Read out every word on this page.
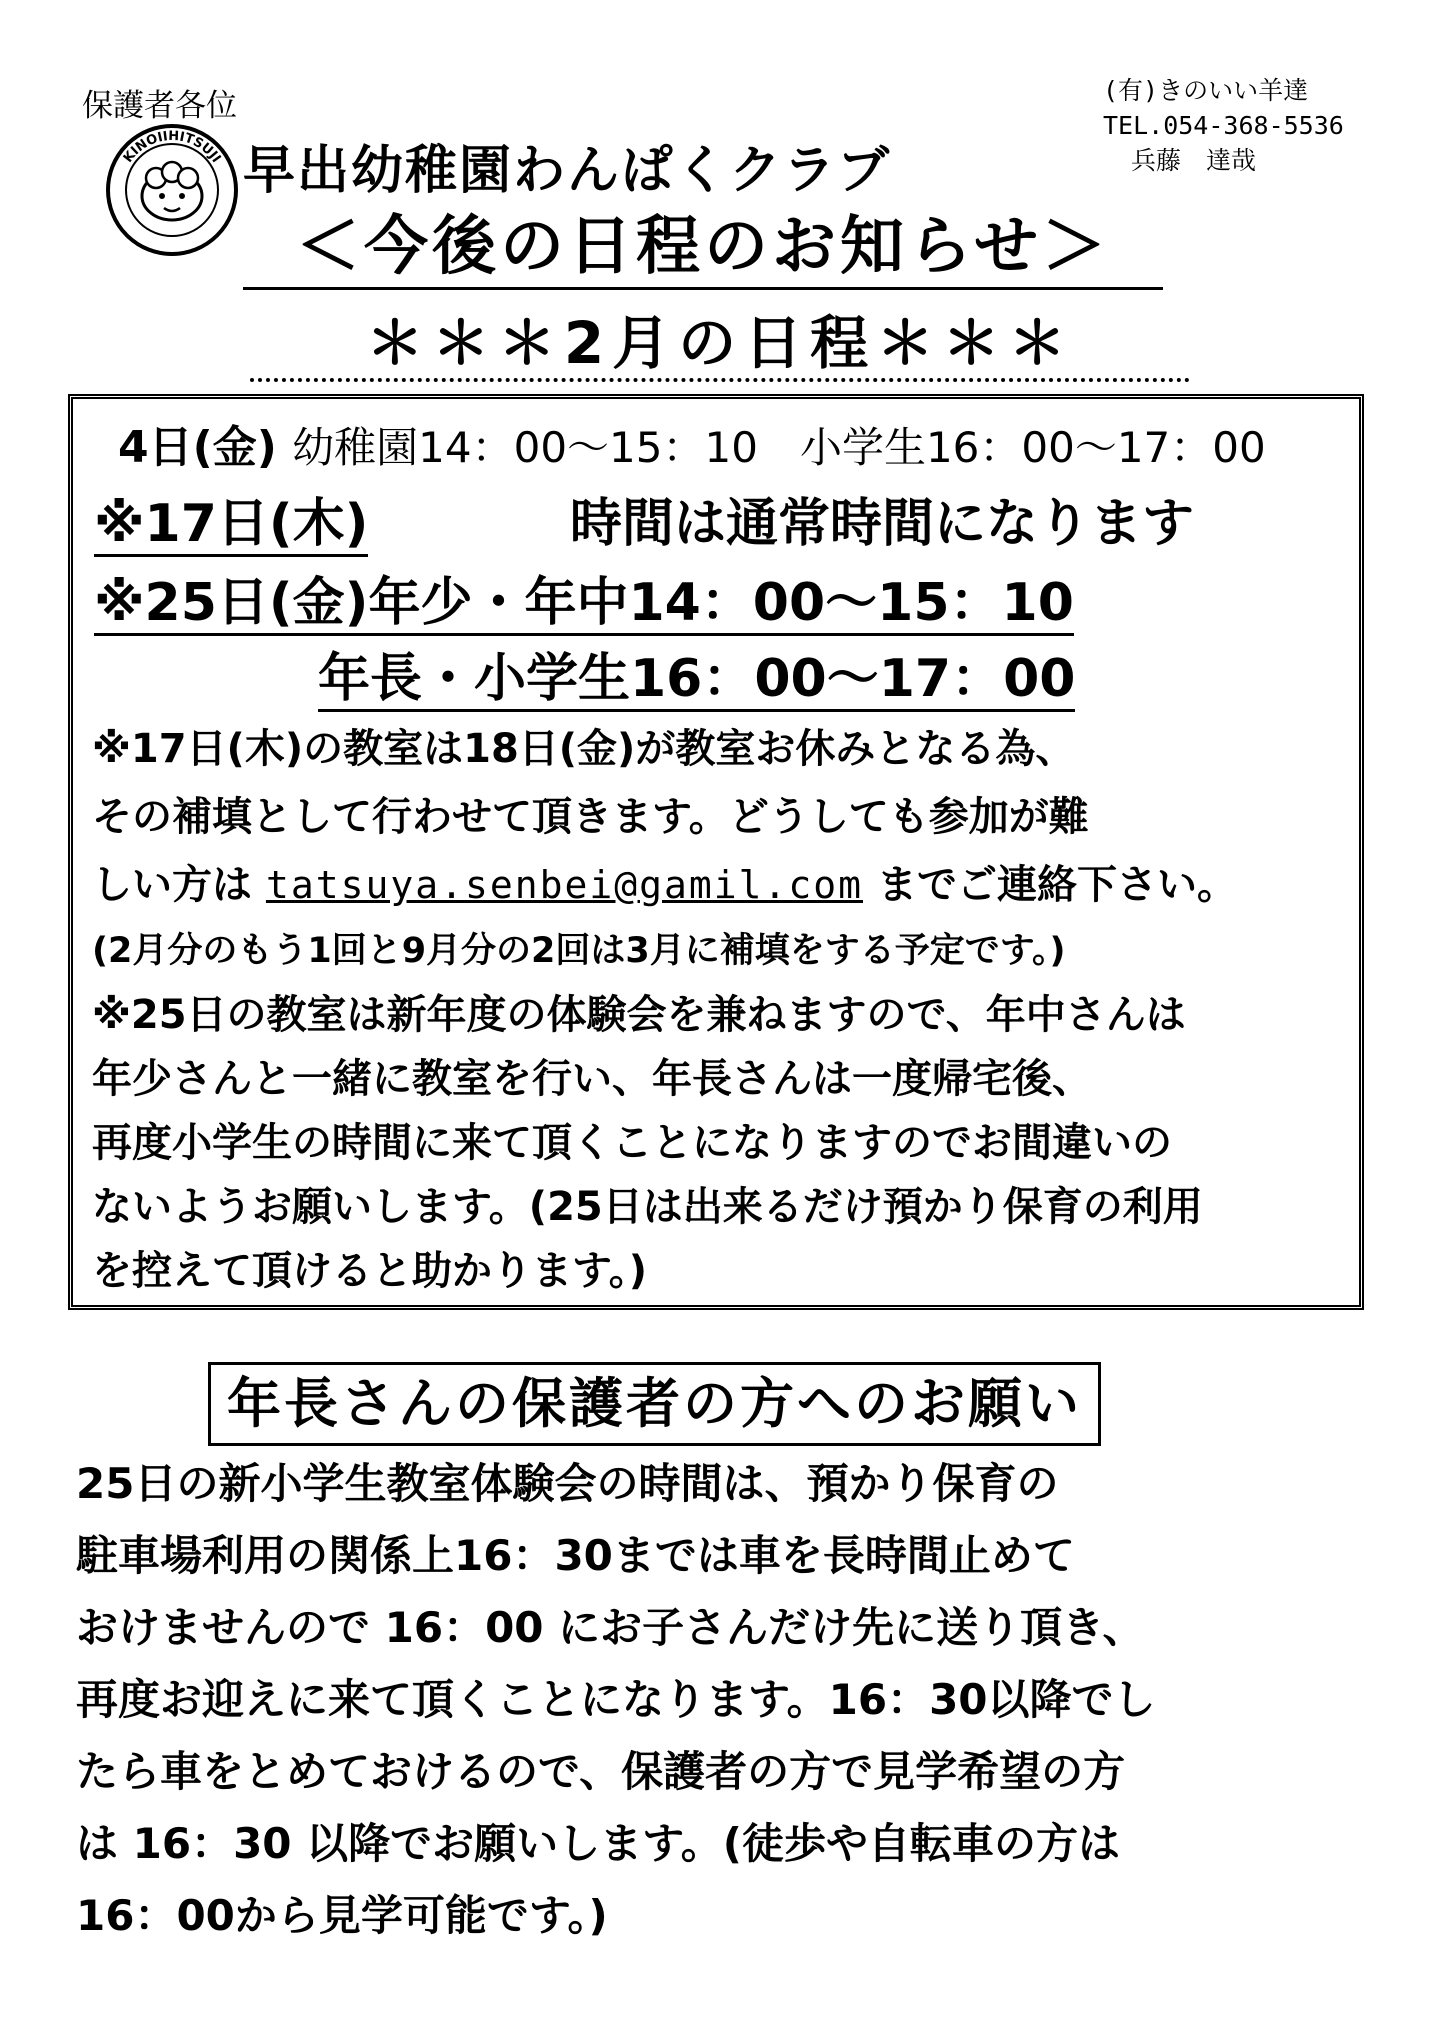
保護者各位	(有)きのいい羊達
TEL.054-368-5536
兵藤　達哉
KINOIIHITSUJI 早出幼稚園わんぱくクラブ
＜今後の日程のお知らせ＞
＊＊＊2月の日程＊＊＊
4日(金) 幼稚園14：00～15：10　小学生16：00～17：00
※17日(木)	時間は通常時間になります
※25日(金)年少・年中14：00～15：10
年長・小学生16：00～17：00
※17日(木)の教室は18日(金)が教室お休みとなる為、
その補填として行わせて頂きます。どうしても参加が難
しい方は tatsuya.senbei@gamil.com までご連絡下さい。
(2月分のもう1回と9月分の2回は3月に補填をする予定です。)
※25日の教室は新年度の体験会を兼ねますので、年中さんは
年少さんと一緒に教室を行い、年長さんは一度帰宅後、
再度小学生の時間に来て頂くことになりますのでお間違いの
ないようお願いします。(25日は出来るだけ預かり保育の利用
を控えて頂けると助かります。)
年長さんの保護者の方へのお願い
25日の新小学生教室体験会の時間は、預かり保育の
駐車場利用の関係上16：30までは車を長時間止めて
おけませんので 16：00 にお子さんだけ先に送り頂き、
再度お迎えに来て頂くことになります。16：30以降でし
たら車をとめておけるので、保護者の方で見学希望の方
は 16：30 以降でお願いします。(徒歩や自転車の方は
16：00から見学可能です。)
